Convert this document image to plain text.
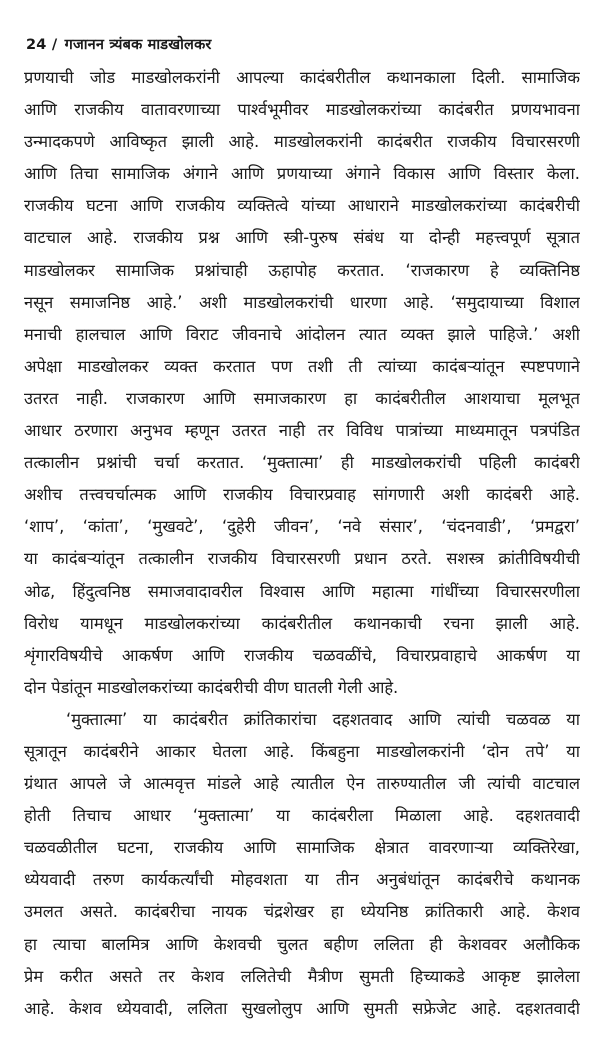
24 / गजानन त्र्यंबक माडखोलकर
प्रणयाची जोड माडखोलकरांनी आपल्या कादंबरीतील कथानकाला दिली. सामाजिक
आणि राजकीय वातावरणाच्या पार्श्वभूमीवर माडखोलकरांच्या कादंबरीत प्रणयभावना
उन्मादकपणे आविष्कृत झाली आहे. माडखोलकरांनी कादंबरीत राजकीय विचारसरणी
आणि तिचा सामाजिक अंगाने आणि प्रणयाच्या अंगाने विकास आणि विस्तार केला.
राजकीय घटना आणि राजकीय व्यक्तित्वे यांच्या आधाराने माडखोलकरांच्या कादंबरीची
वाटचाल आहे. राजकीय प्रश्न आणि स्त्री-पुरुष संबंध या दोन्ही महत्त्वपूर्ण सूत्रात
माडखोलकर सामाजिक प्रश्नांचाही ऊहापोह करतात. ‘राजकारण हे व्यक्तिनिष्ठ
नसून समाजनिष्ठ आहे.’ अशी माडखोलकरांची धारणा आहे. ‘समुदायाच्या विशाल
मनाची हालचाल आणि विराट जीवनाचे आंदोलन त्यात व्यक्त झाले पाहिजे.’ अशी
अपेक्षा माडखोलकर व्यक्त करतात पण तशी ती त्यांच्या कादंबऱ्यांतून स्पष्टपणाने
उतरत नाही. राजकारण आणि समाजकारण हा कादंबरीतील आशयाचा मूलभूत
आधार ठरणारा अनुभव म्हणून उतरत नाही तर विविध पात्रांच्या माध्यमातून पत्रपंडित
तत्कालीन प्रश्नांची चर्चा करतात. ‘मुक्तात्मा’ ही माडखोलकरांची पहिली कादंबरी
अशीच तत्त्वचर्चात्मक आणि राजकीय विचारप्रवाह सांगणारी अशी कादंबरी आहे.
‘शाप’, ‘कांता’, ‘मुखवटे’, ‘दुहेरी जीवन’, ‘नवे संसार’, ‘चंदनवाडी’, ‘प्रमद्वरा’
या कादंबऱ्यांतून तत्कालीन राजकीय विचारसरणी प्रधान ठरते. सशस्त्र क्रांतीविषयीची
ओढ, हिंदुत्वनिष्ठ समाजवादावरील विश्वास आणि महात्मा गांधींच्या विचारसरणीला
विरोध यामधून माडखोलकरांच्या कादंबरीतील कथानकाची रचना झाली आहे.
शृंगारविषयीचे आकर्षण आणि राजकीय चळवळींचे, विचारप्रवाहाचे आकर्षण या
दोन पेडांतून माडखोलकरांच्या कादंबरीची वीण घातली गेली आहे.
‘मुक्तात्मा’ या कादंबरीत क्रांतिकारांचा दहशतवाद आणि त्यांची चळवळ या
सूत्रातून कादंबरीने आकार घेतला आहे. किंबहुना माडखोलकरांनी ‘दोन तपे’ या
ग्रंथात आपले जे आत्मवृत्त मांडले आहे त्यातील ऐन तारुण्यातील जी त्यांची वाटचाल
होती तिचाच आधार ‘मुक्तात्मा’ या कादंबरीला मिळाला आहे. दहशतवादी
चळवळीतील घटना, राजकीय आणि सामाजिक क्षेत्रात वावरणाऱ्या व्यक्तिरेखा,
ध्येयवादी तरुण कार्यकर्त्यांची मोहवशता या तीन अनुबंधांतून कादंबरीचे कथानक
उमलत असते. कादंबरीचा नायक चंद्रशेखर हा ध्येयनिष्ठ क्रांतिकारी आहे. केशव
हा त्याचा बालमित्र आणि केशवची चुलत बहीण ललिता ही केशववर अलौकिक
प्रेम करीत असते तर केशव ललितेची मैत्रीण सुमती हिच्याकडे आकृष्ट झालेला
आहे. केशव ध्येयवादी, ललिता सुखलोलुप आणि सुमती सफ्रेजेट आहे. दहशतवादी
